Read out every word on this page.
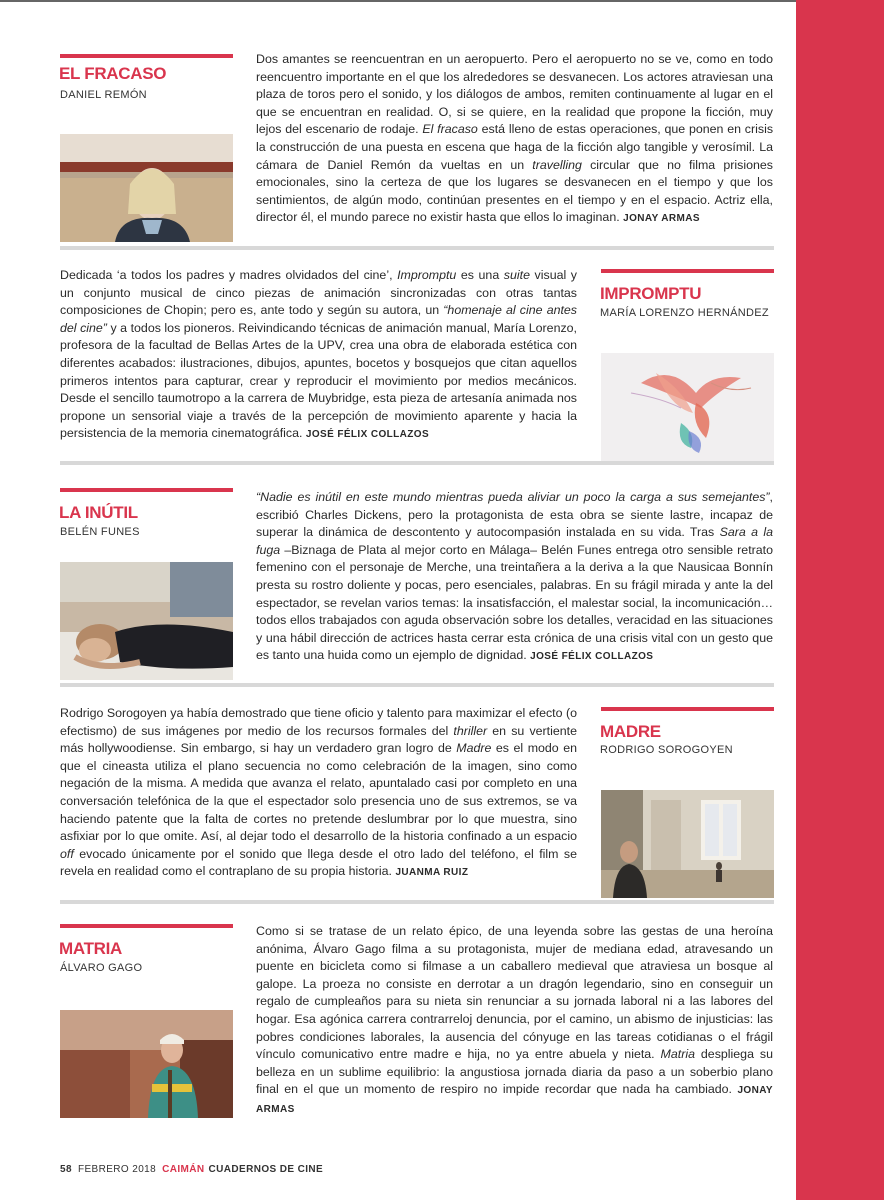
EL FRACASO
DANIEL REMÓN
Dos amantes se reencuentran en un aeropuerto. Pero el aeropuerto no se ve, como en todo reencuentro importante en el que los alrededores se desvanecen. Los actores atraviesan una plaza de toros pero el sonido, y los diálogos de ambos, remiten continuamente al lugar en el que se encuentran en realidad. O, si se quiere, en la realidad que propone la ficción, muy lejos del escenario de rodaje. El fracaso está lleno de estas operaciones, que ponen en crisis la construcción de una puesta en escena que haga de la ficción algo tangible y verosímil. La cámara de Daniel Remón da vueltas en un travelling circular que no filma prisiones emocionales, sino la certeza de que los lugares se desvanecen en el tiempo y que los sentimientos, de algún modo, continúan presentes en el tiempo y en el espacio. Actriz ella, director él, el mundo parece no existir hasta que ellos lo imaginan. JONAY ARMAS
IMPROMPTU
MARÍA LORENZO HERNÁNDEZ
Dedicada ‘a todos los padres y madres olvidados del cine’, Impromptu es una suite visual y un conjunto musical de cinco piezas de animación sincronizadas con otras tantas composiciones de Chopin; pero es, ante todo y según su autora, un “homenaje al cine antes del cine” y a todos los pioneros. Reivindicando técnicas de animación manual, María Lorenzo, profesora de la facultad de Bellas Artes de la UPV, crea una obra de elaborada estética con diferentes acabados: ilustraciones, dibujos, apuntes, bocetos y bosquejos que citan aquellos primeros intentos para capturar, crear y reproducir el movimiento por medios mecánicos. Desde el sencillo taumotropo a la carrera de Muybridge, esta pieza de artesanía animada nos propone un sensorial viaje a través de la percepción de movimiento aparente y hacia la persistencia de la memoria cinematográfica. JOSÉ FÉLIX COLLAZOS
LA INÚTIL
BELÉN FUNES
“Nadie es inútil en este mundo mientras pueda aliviar un poco la carga a sus semejantes”, escribió Charles Dickens, pero la protagonista de esta obra se siente lastre, incapaz de superar la dinámica de descontento y autocompasión instalada en su vida. Tras Sara a la fuga –Biznaga de Plata al mejor corto en Málaga– Belén Funes entrega otro sensible retrato femenino con el personaje de Merche, una treintañera a la deriva a la que Nausicaa Bonnín presta su rostro doliente y pocas, pero esenciales, palabras. En su frágil mirada y ante la del espectador, se revelan varios temas: la insatisfacción, el malestar social, la incomunicación… todos ellos trabajados con aguda observación sobre los detalles, veracidad en las situaciones y una hábil dirección de actrices hasta cerrar esta crónica de una crisis vital con un gesto que es tanto una huida como un ejemplo de dignidad. JOSÉ FÉLIX COLLAZOS
MADRE
RODRIGO SOROGOYEN
Rodrigo Sorogoyen ya había demostrado que tiene oficio y talento para maximizar el efecto (o efectismo) de sus imágenes por medio de los recursos formales del thriller en su vertiente más hollywoodiense. Sin embargo, si hay un verdadero gran logro de Madre es el modo en que el cineasta utiliza el plano secuencia no como celebración de la imagen, sino como negación de la misma. A medida que avanza el relato, apuntalado casi por completo en una conversación telefónica de la que el espectador solo presencia uno de sus extremos, se va haciendo patente que la falta de cortes no pretende deslumbrar por lo que muestra, sino asfixiar por lo que omite. Así, al dejar todo el desarrollo de la historia confinado a un espacio off evocado únicamente por el sonido que llega desde el otro lado del teléfono, el film se revela en realidad como el contraplano de su propia historia. JUANMA RUIZ
MATRIA
ÁLVARO GAGO
Como si se tratase de un relato épico, de una leyenda sobre las gestas de una heroína anónima, Álvaro Gago filma a su protagonista, mujer de mediana edad, atravesando un puente en bicicleta como si filmase a un caballero medieval que atraviesa un bosque al galope. La proeza no consiste en derrotar a un dragón legendario, sino en conseguir un regalo de cumpleaños para su nieta sin renunciar a su jornada laboral ni a las labores del hogar. Esa agónica carrera contrarreloj denuncia, por el camino, un abismo de injusticias: las pobres condiciones laborales, la ausencia del cónyuge en las tareas cotidianas o el frágil vínculo comunicativo entre madre e hija, no ya entre abuela y nieta. Matria despliega su belleza en un sublime equilibrio: la angustiosa jornada diaria da paso a un soberbio plano final en el que un momento de respiro no impide recordar que nada ha cambiado. JONAY ARMAS
58 FEBRERO 2018 CAIMÁN CUADERNOS DE CINE
